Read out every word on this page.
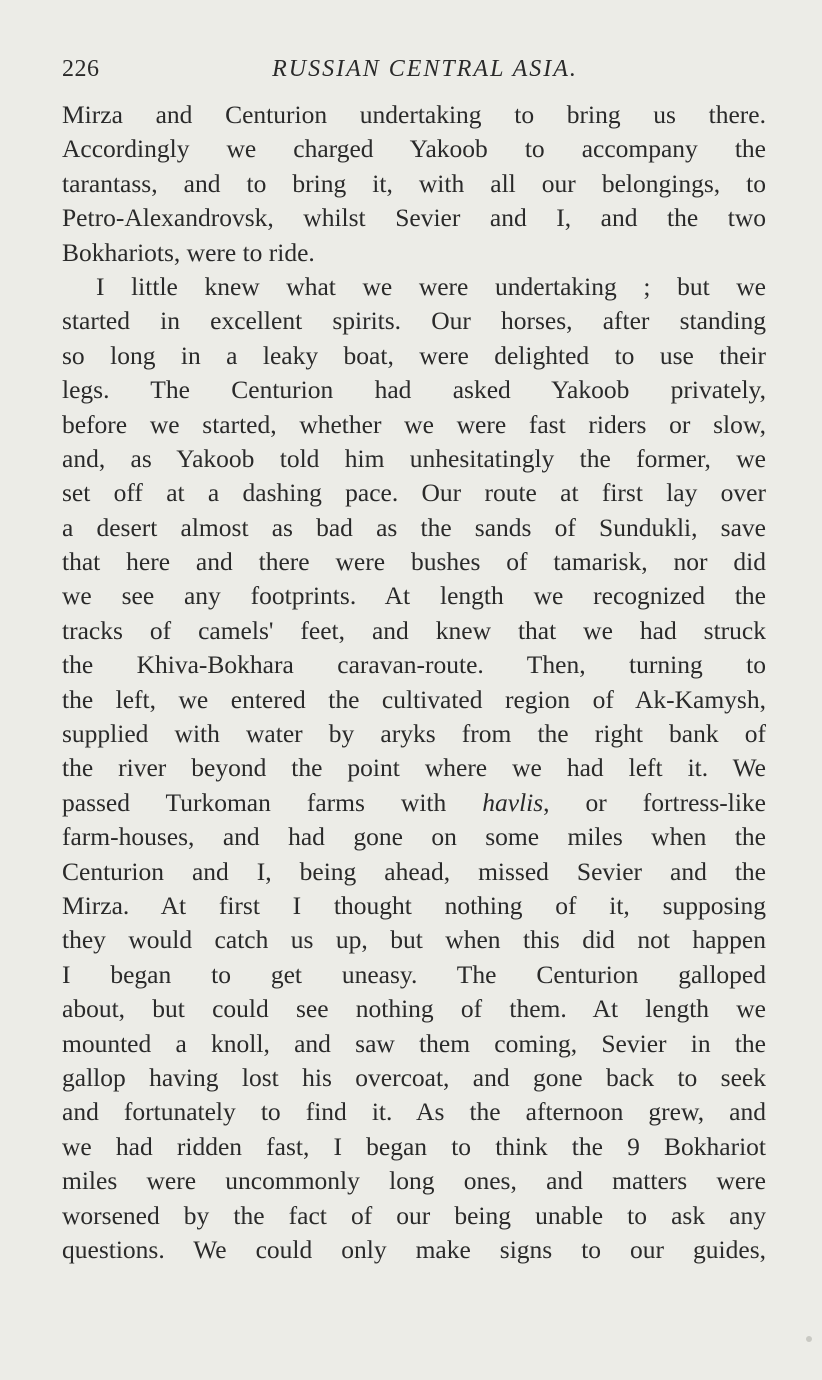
226	RUSSIAN CENTRAL ASIA.
Mirza and Centurion undertaking to bring us there.
Accordingly we charged Yakoob to accompany the
tarantass, and to bring it, with all our belongings, to
Petro-Alexandrovsk, whilst Sevier and I, and the two
Bokhariots, were to ride.
I little knew what we were undertaking ; but we
started in excellent spirits. Our horses, after standing
so long in a leaky boat, were delighted to use their
legs. The Centurion had asked Yakoob privately,
before we started, whether we were fast riders or slow,
and, as Yakoob told him unhesitatingly the former, we
set off at a dashing pace. Our route at first lay over
a desert almost as bad as the sands of Sundukli, save
that here and there were bushes of tamarisk, nor did
we see any footprints. At length we recognized the
tracks of camels' feet, and knew that we had struck
the Khiva-Bokhara caravan-route. Then, turning to
the left, we entered the cultivated region of Ak-Kamysh,
supplied with water by aryks from the right bank of
the river beyond the point where we had left it. We
passed Turkoman farms with havlis, or fortress-like
farm-houses, and had gone on some miles when the
Centurion and I, being ahead, missed Sevier and the
Mirza. At first I thought nothing of it, supposing
they would catch us up, but when this did not happen
I began to get uneasy. The Centurion galloped
about, but could see nothing of them. At length we
mounted a knoll, and saw them coming, Sevier in the
gallop having lost his overcoat, and gone back to seek
and fortunately to find it. As the afternoon grew, and
we had ridden fast, I began to think the 9 Bokhariot
miles were uncommonly long ones, and matters were
worsened by the fact of our being unable to ask any
questions. We could only make signs to our guides,
